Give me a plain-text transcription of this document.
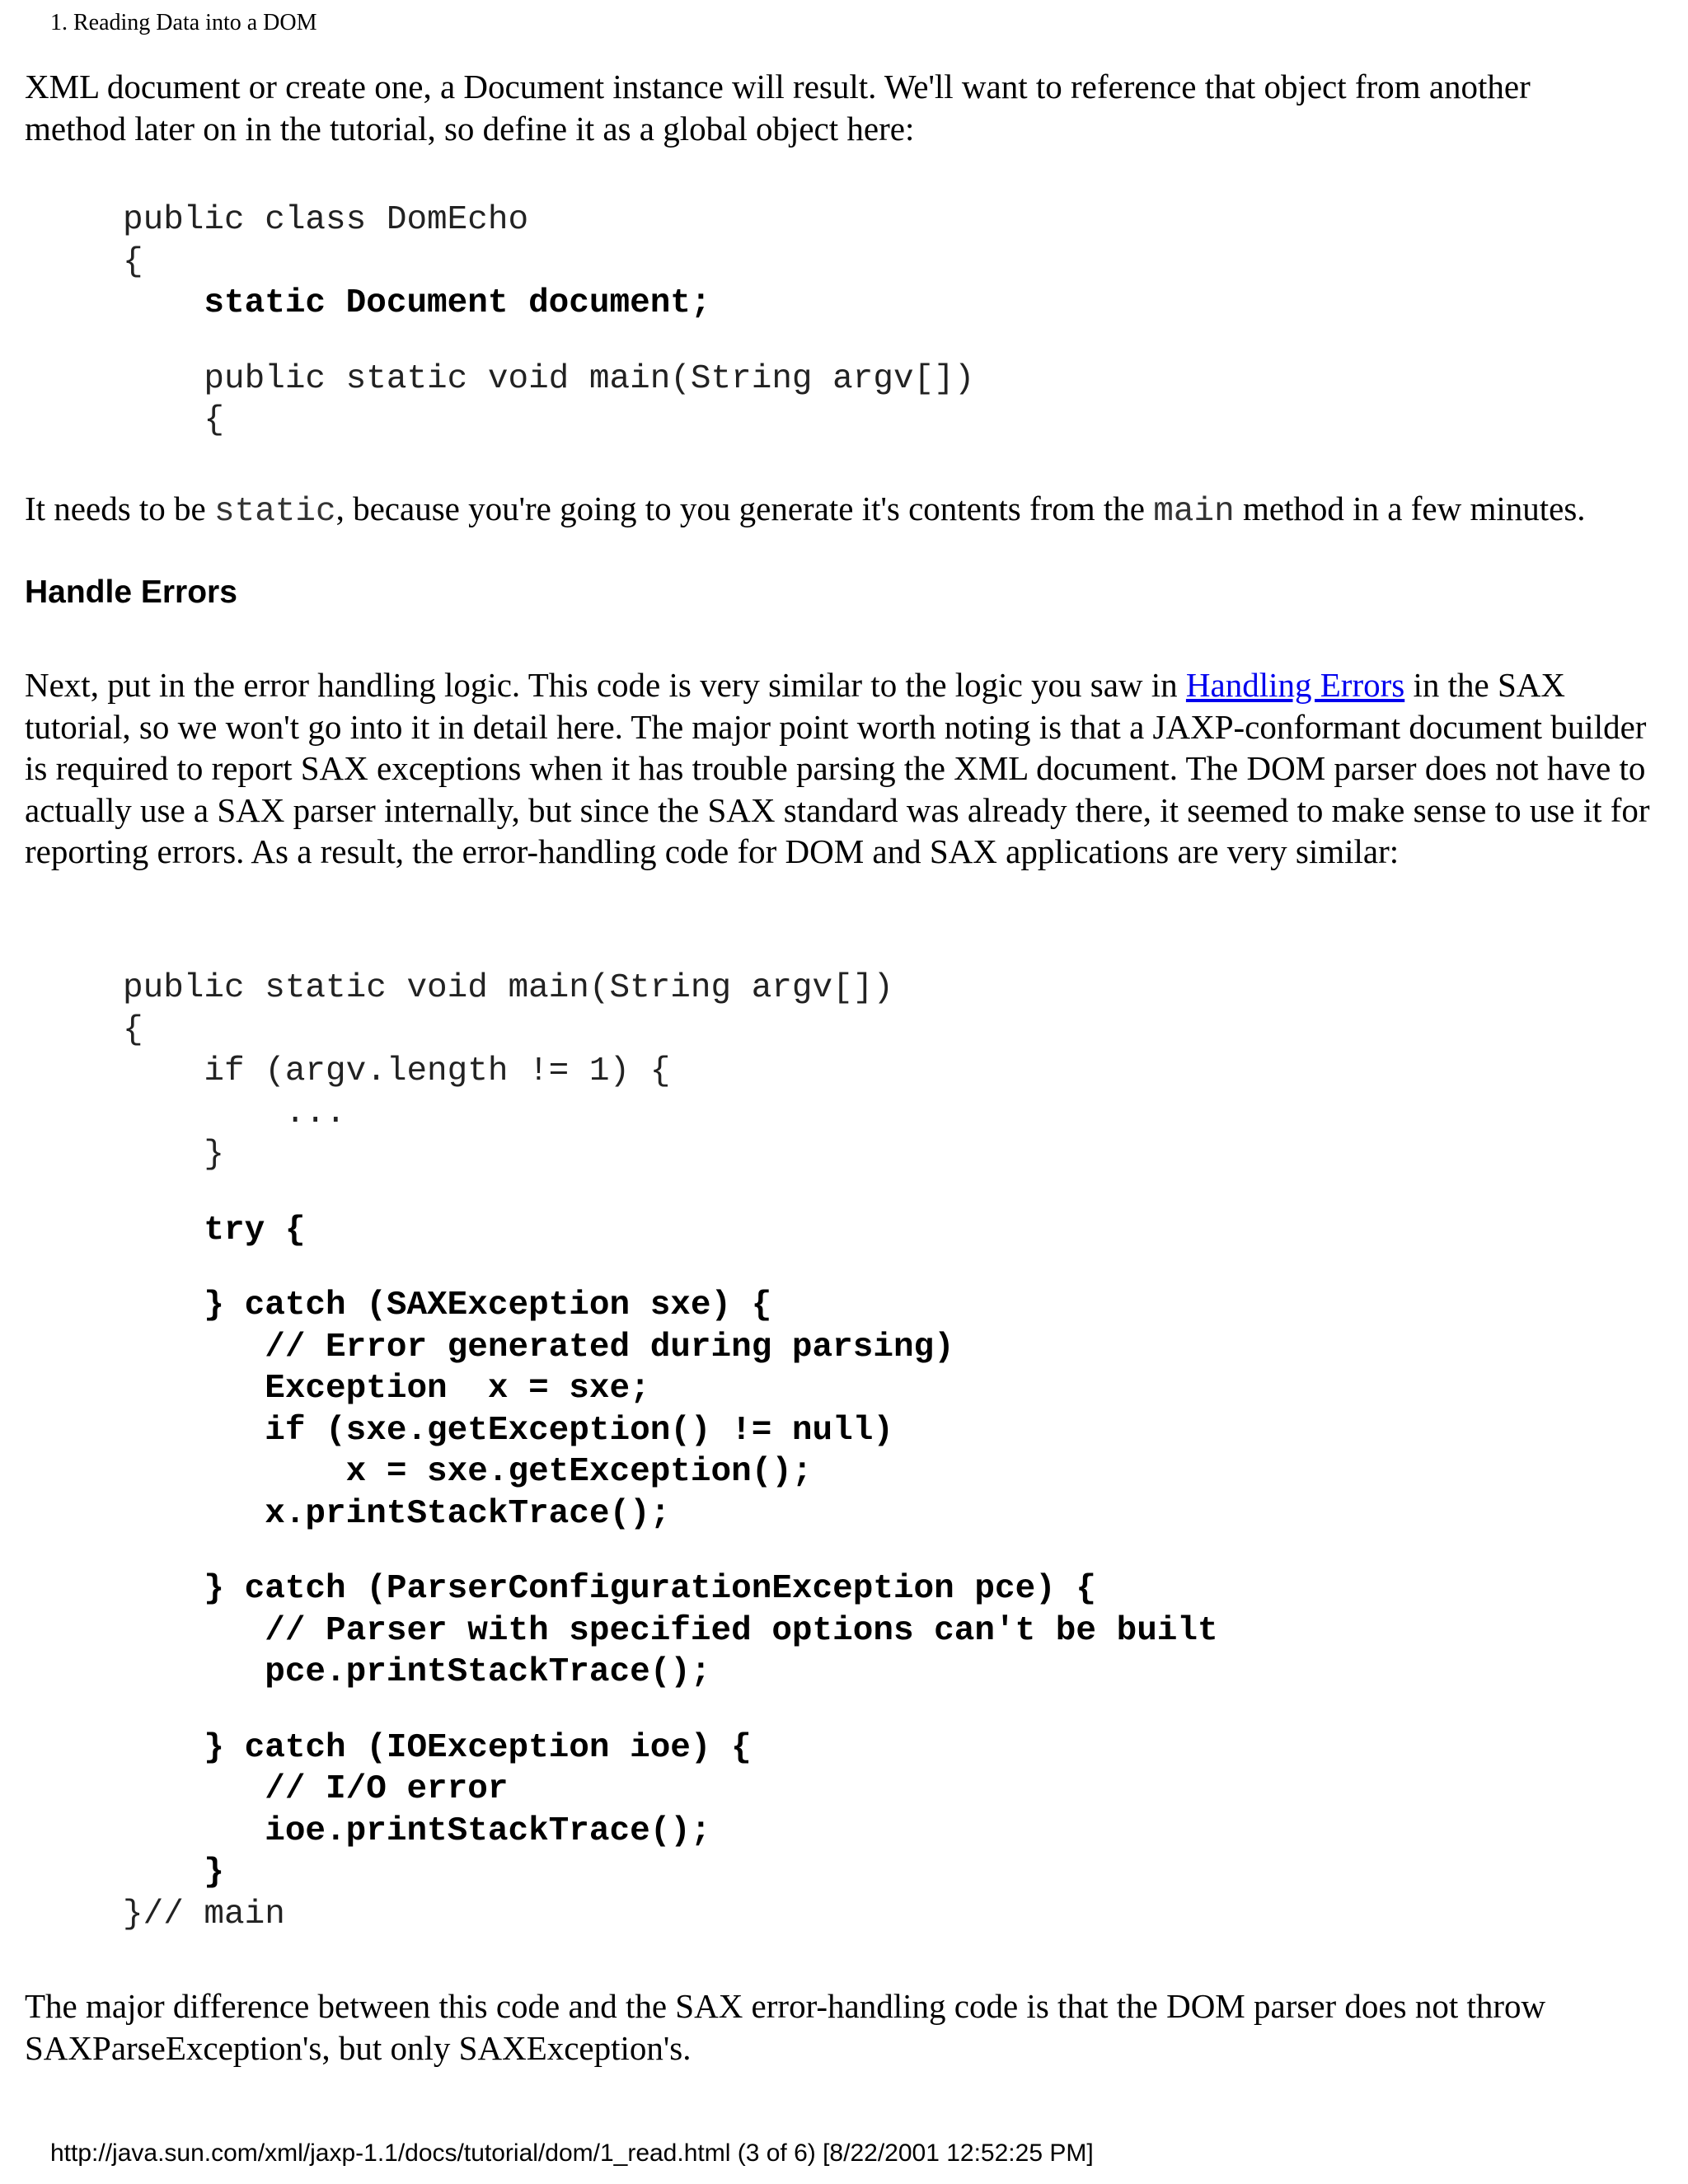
1. Reading Data into a DOM
XML document or create one, a Document instance will result. We'll want to reference that object from another method later on in the tutorial, so define it as a global object here:
public class DomEcho
{
static Document document;
public static void main(String argv[])
{
It needs to be static, because you're going to you generate it's contents from the main method in a few minutes.
Handle Errors
Next, put in the error handling logic. This code is very similar to the logic you saw in Handling Errors in the SAX tutorial, so we won't go into it in detail here. The major point worth noting is that a JAXP-conformant document builder is required to report SAX exceptions when it has trouble parsing the XML document. The DOM parser does not have to actually use a SAX parser internally, but since the SAX standard was already there, it seemed to make sense to use it for reporting errors. As a result, the error-handling code for DOM and SAX applications are very similar:
public static void main(String argv[])
{
if (argv.length != 1) {
...
}
try {
} catch (SAXException sxe) {
// Error generated during parsing)
Exception  x = sxe;
if (sxe.getException() != null)
x = sxe.getException();
x.printStackTrace();
} catch (ParserConfigurationException pce) {
// Parser with specified options can't be built
pce.printStackTrace();
} catch (IOException ioe) {
// I/O error
ioe.printStackTrace();
}
}// main
The major difference between this code and the SAX error-handling code is that the DOM parser does not throw SAXParseException's, but only SAXException's.
http://java.sun.com/xml/jaxp-1.1/docs/tutorial/dom/1_read.html (3 of 6) [8/22/2001 12:52:25 PM]
